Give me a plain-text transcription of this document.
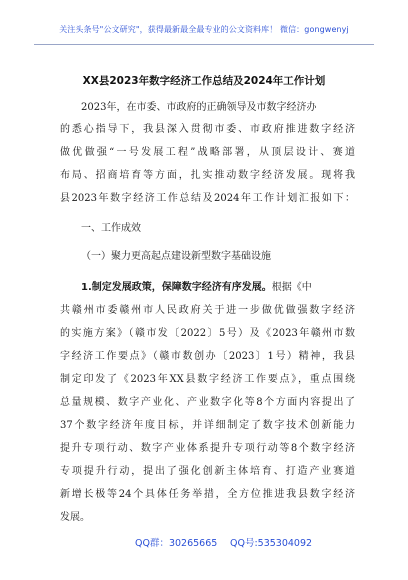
关注头条号"公文研究"，获得最新最全最专业的公文资料库！ 微信：gongwenyj
XX县2023年数字经济工作总结及2024年工作计划
2023年，在市委、市政府的正确领导及市数字经济办
的悉心指导下，我县深入贯彻市委、市政府推进数字经济
做优做强“一号发展工程”战略部署，从顶层设计、赛道
布局、招商培育等方面，扎实推动数字经济发展。现将我
县2023年数字经济工作总结及2024年工作计划汇报如下：
一、工作成效
（一）聚力更高起点建设新型数字基础设施
1.制定发展政策，保障数字经济有序发展。根据《中
共赣州市委赣州市人民政府关于进一步做优做强数字经济
的实施方案》（赣市发〔2022〕5号）及《2023年赣州市数
字经济工作要点》（赣市数创办〔2023〕1号）精神，我县
制定印发了《2023年XX县数字经济工作要点》，重点围绕
总量规模、数字产业化、产业数字化等8个方面内容提出了
37个数字经济年度目标，并详细制定了数字技术创新能力
提升专项行动、数字产业体系提升专项行动等8个数字经济
专项提升行动，提出了强化创新主体培育、打造产业赛道
新增长极等24个具体任务举措，全方位推进我县数字经济
发展。
QQ群：30265665 QQ号:535304092
